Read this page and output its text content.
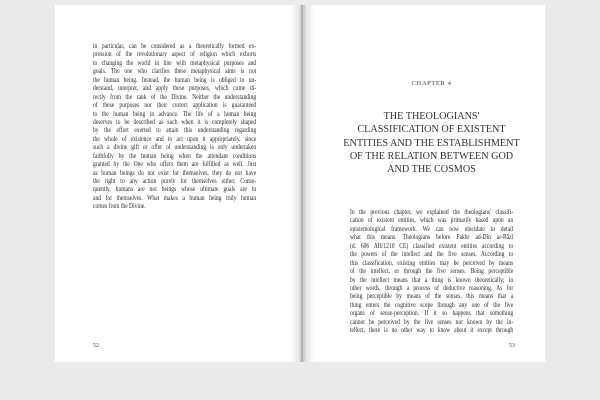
in particular, can be considered as a theoretically formed ex-
pression of the revolutionary aspect of religion which exhorts
to changing the world in line with metaphysical purposes and
goals. The one who clarifies these metaphysical aims is not
the human being. Instead, the human being is obliged to un-
derstand, interpret, and apply these purposes, which come di-
rectly from the rank of the Divine. Neither the understanding
of these purposes nor their correct application is guaranteed
to the human being in advance. The life of a human being
deserves to be described as such when it is completely shaped
by the effort exerted to attain this understanding regarding
the whole of existence and to act upon it appropriately, since
such a divine gift or offer of understanding is only undertaken
faithfully by the human being when the attendant conditions
granted by the One who offers them are fulfilled as well. Just
as human beings do not exist for themselves, they do not have
the right to any action purely for themselves either. Conse-
quently, humans are not beings whose ultimate goals are in
and for themselves. What makes a human being truly human
comes from the Divine.
52
CHAPTER 4
THE THEOLOGIANS'
CLASSIFICATION OF EXISTENT
ENTITIES AND THE ESTABLISHMENT
OF THE RELATION BETWEEN GOD
AND THE COSMOS
In the previous chapter, we explained the theologians' classifi-
cation of existent entities, which was primarily based upon an
epistemological framework. We can now elucidate in detail
what this means. Theologians before Fakhr ad-Dīn ar-Rāzī
(d. 606 AH/1210 CE) classified existent entities according to
the powers of the intellect and the five senses. According to
this classification, existing entities may be perceived by means
of the intellect, or through the five senses. Being perceptible
by the intellect means that a thing is known theoretically; in
other words, through a process of deductive reasoning. As for
being perceptible by means of the senses, this means that a
thing enters the cognitive scope through any one of the five
organs of sense-perception. If it so happens that something
cannot be perceived by the five senses nor known by the in-
tellect, there is no other way to know about it except through
53
